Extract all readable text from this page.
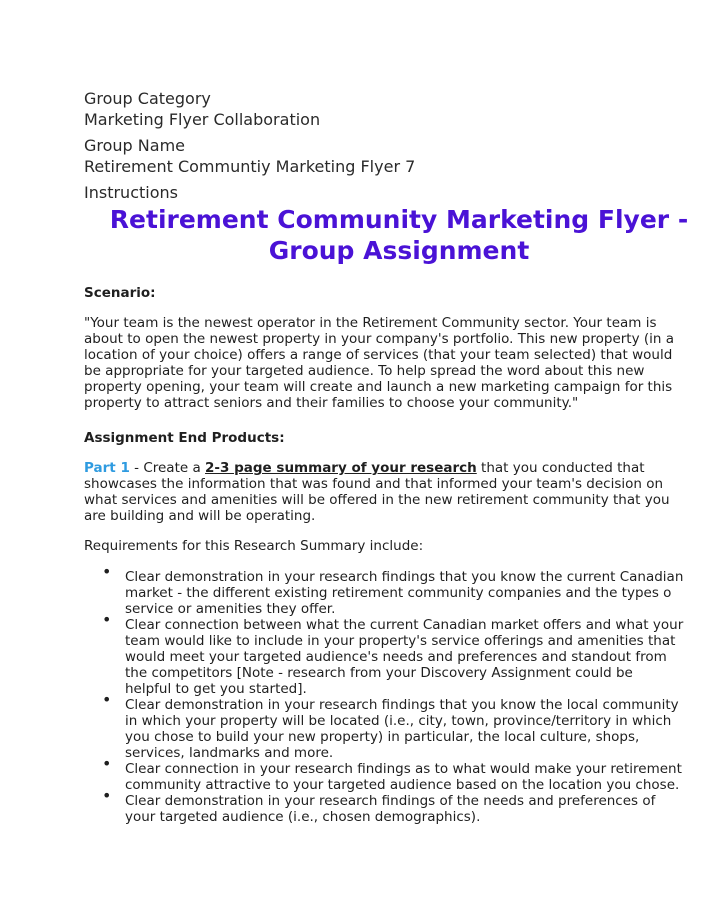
Group Category
Marketing Flyer Collaboration
Group Name
Retirement Communtiy Marketing Flyer 7
Instructions
Retirement Community Marketing Flyer -
Group Assignment
Scenario:
"Your team is the newest operator in the Retirement Community sector. Your team is
about to open the newest property in your company's portfolio. This new property (in a
location of your choice) offers a range of services (that your team selected) that would
be appropriate for your targeted audience. To help spread the word about this new
property opening, your team will create and launch a new marketing campaign for this
property to attract seniors and their families to choose your community."
Assignment End Products:
Part 1 - Create a 2-3 page summary of your research that you conducted that
showcases the information that was found and that informed your team's decision on
what services and amenities will be offered in the new retirement community that you
are building and will be operating.
Requirements for this Research Summary include:
• Clear demonstration in your research findings that you know the current Canadian
market - the different existing retirement community companies and the types o
service or amenities they offer.
• Clear connection between what the current Canadian market offers and what your
team would like to include in your property's service offerings and amenities that
would meet your targeted audience's needs and preferences and standout from
the competitors [Note - research from your Discovery Assignment could be
helpful to get you started].
• Clear demonstration in your research findings that you know the local community
in which your property will be located (i.e., city, town, province/territory in which
you chose to build your new property) in particular, the local culture, shops,
services, landmarks and more.
• Clear connection in your research findings as to what would make your retirement
community attractive to your targeted audience based on the location you chose.
• Clear demonstration in your research findings of the needs and preferences of
your targeted audience (i.e., chosen demographics).
